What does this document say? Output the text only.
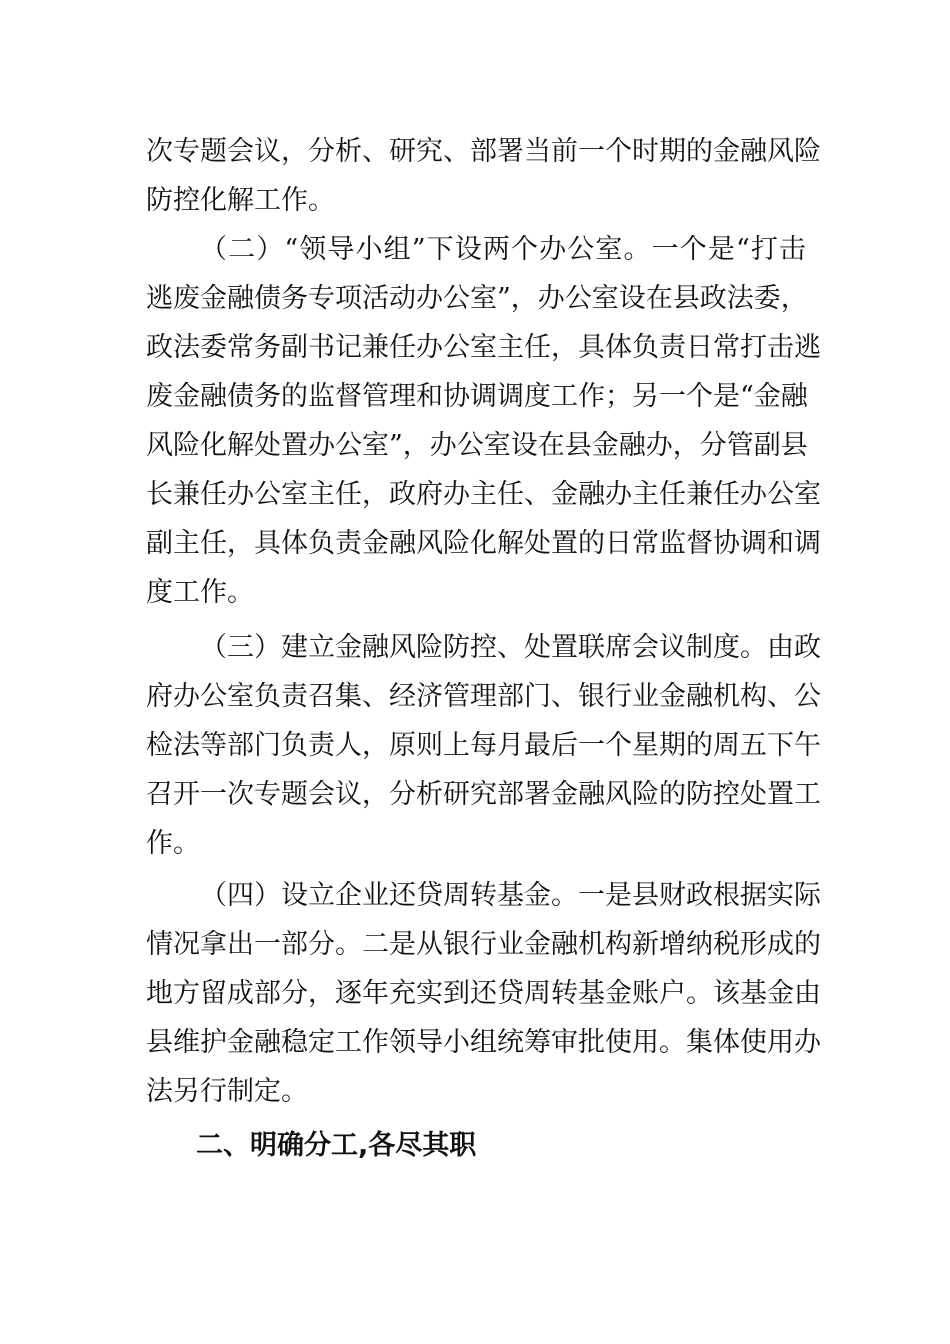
次专题会议，分析、研究、部署当前一个时期的金融风险
防控化解工作。
（二）“领导小组”下设两个办公室。一个是“打击
逃废金融债务专项活动办公室”，办公室设在县政法委，
政法委常务副书记兼任办公室主任，具体负责日常打击逃
废金融债务的监督管理和协调调度工作；另一个是“金融
风险化解处置办公室”，办公室设在县金融办，分管副县
长兼任办公室主任，政府办主任、金融办主任兼任办公室
副主任，具体负责金融风险化解处置的日常监督协调和调
度工作。
（三）建立金融风险防控、处置联席会议制度。由政
府办公室负责召集、经济管理部门、银行业金融机构、公
检法等部门负责人，原则上每月最后一个星期的周五下午
召开一次专题会议，分析研究部署金融风险的防控处置工
作。
（四）设立企业还贷周转基金。一是县财政根据实际
情况拿出一部分。二是从银行业金融机构新增纳税形成的
地方留成部分，逐年充实到还贷周转基金账户。该基金由
县维护金融稳定工作领导小组统筹审批使用。集体使用办
法另行制定。
二、明确分工,各尽其职
